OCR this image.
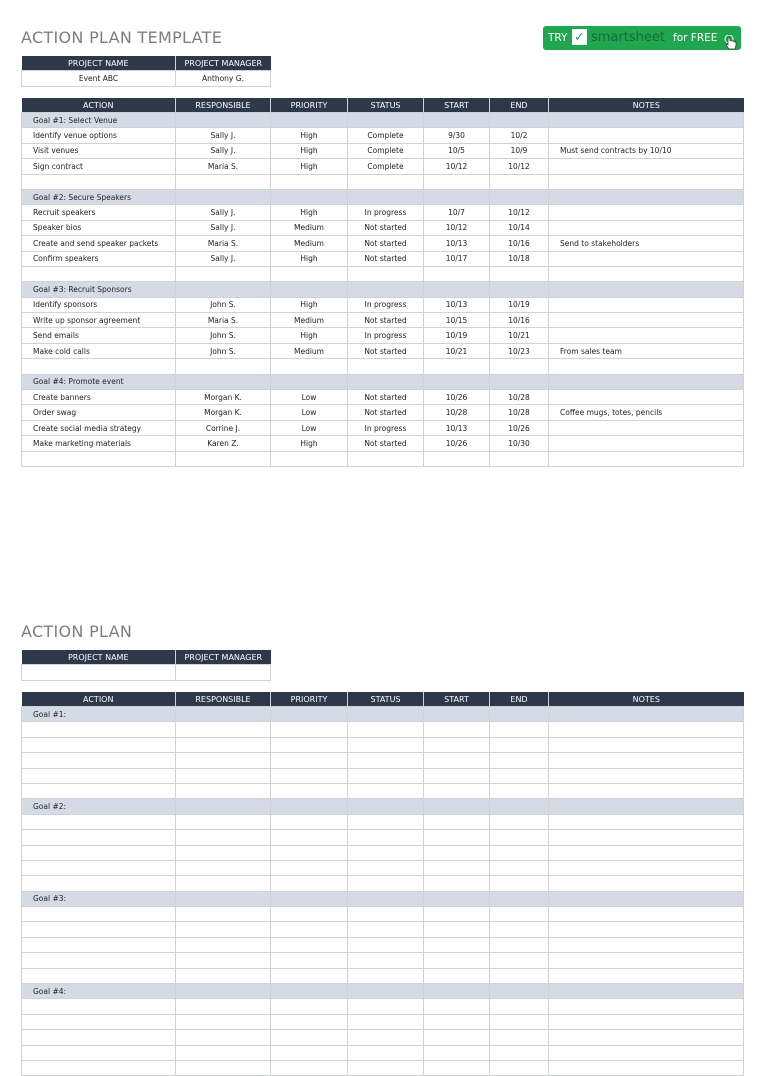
ACTION PLAN TEMPLATE	TRY ✓ smartsheet for FREE
PROJECT NAME	PROJECT MANAGER
Event ABC	Anthony G.
ACTION	RESPONSIBLE	PRIORITY	STATUS	START	END	NOTES
Goal #1: Select Venue						
Identify venue options	Sally J.	High	Complete	9/30	10/2	
Visit venues	Sally J.	High	Complete	10/5	10/9	Must send contracts by 10/10
Sign contract	Maria S.	High	Complete	10/12	10/12	

Goal #2: Secure Speakers						
Recruit speakers	Sally J.	High	In progress	10/7	10/12	
Speaker bios	Sally J.	Medium	Not started	10/12	10/14	
Create and send speaker packets	Maria S.	Medium	Not started	10/13	10/16	Send to stakeholders
Confirm speakers	Sally J.	High	Not started	10/17	10/18	

Goal #3: Recruit Sponsors						
Identify sponsors	John S.	High	In progress	10/13	10/19	
Write up sponsor agreement	Maria S.	Medium	Not started	10/15	10/16	
Send emails	John S.	High	In progress	10/19	10/21	
Make cold calls	John S.	Medium	Not started	10/21	10/23	From sales team

Goal #4: Promote event						
Create banners	Morgan K.	Low	Not started	10/26	10/28	
Order swag	Morgan K.	Low	Not started	10/28	10/28	Coffee mugs, totes, pencils
Create social media strategy	Corrine J.	Low	In progress	10/13	10/26	
Make marketing materials	Karen Z.	High	Not started	10/26	10/30	

ACTION PLAN
PROJECT NAME	PROJECT MANAGER

ACTION	RESPONSIBLE	PRIORITY	STATUS	START	END	NOTES
Goal #1:						

Goal #2:						

Goal #3:						

Goal #4:						
